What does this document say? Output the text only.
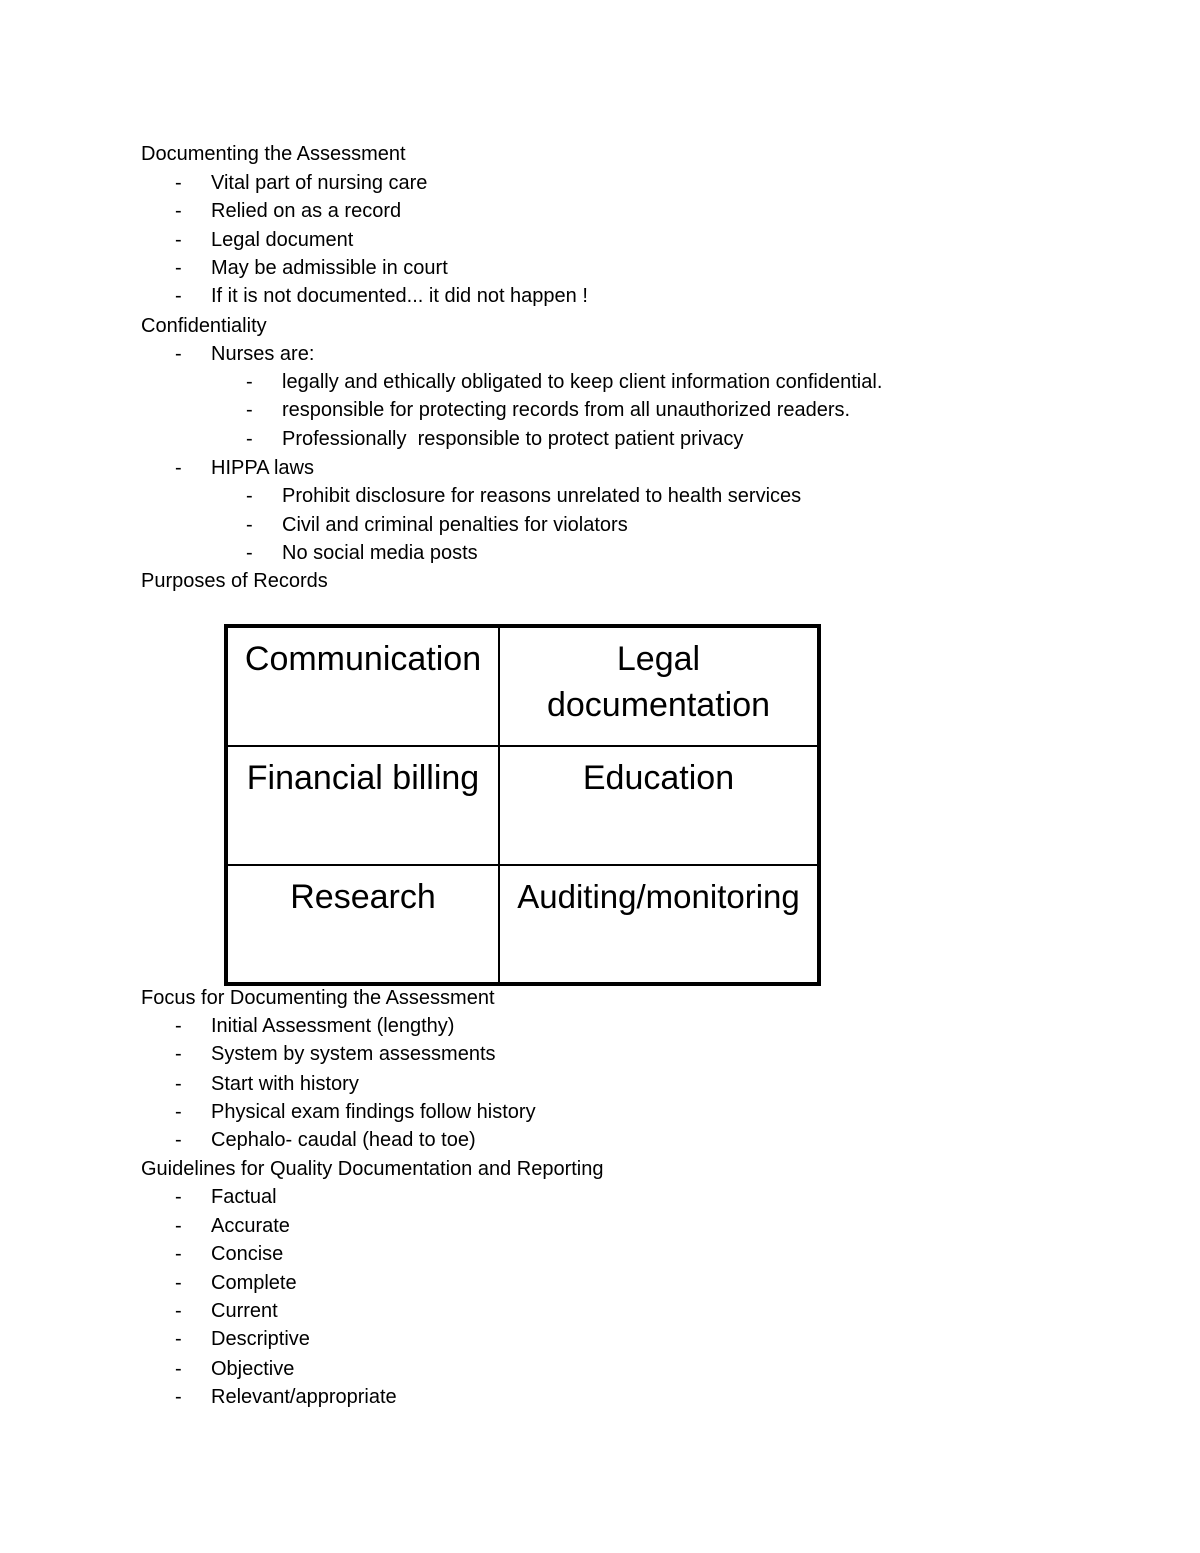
Documenting the Assessment
- Vital part of nursing care
- Relied on as a record
- Legal document
- May be admissible in court
- If it is not documented... it did not happen !
Confidentiality
- Nurses are:
- legally and ethically obligated to keep client information confidential.
- responsible for protecting records from all unauthorized readers.
- Professionally  responsible to protect patient privacy
- HIPPA laws
- Prohibit disclosure for reasons unrelated to health services
- Civil and criminal penalties for violators
- No social media posts
Purposes of Records
Communication	Legal documentation
Financial billing	Education
Research	Auditing/monitoring
Focus for Documenting the Assessment
- Initial Assessment (lengthy)
- System by system assessments
- Start with history
- Physical exam findings follow history
- Cephalo- caudal (head to toe)
Guidelines for Quality Documentation and Reporting
- Factual
- Accurate
- Concise
- Complete
- Current
- Descriptive
- Objective
- Relevant/appropriate
